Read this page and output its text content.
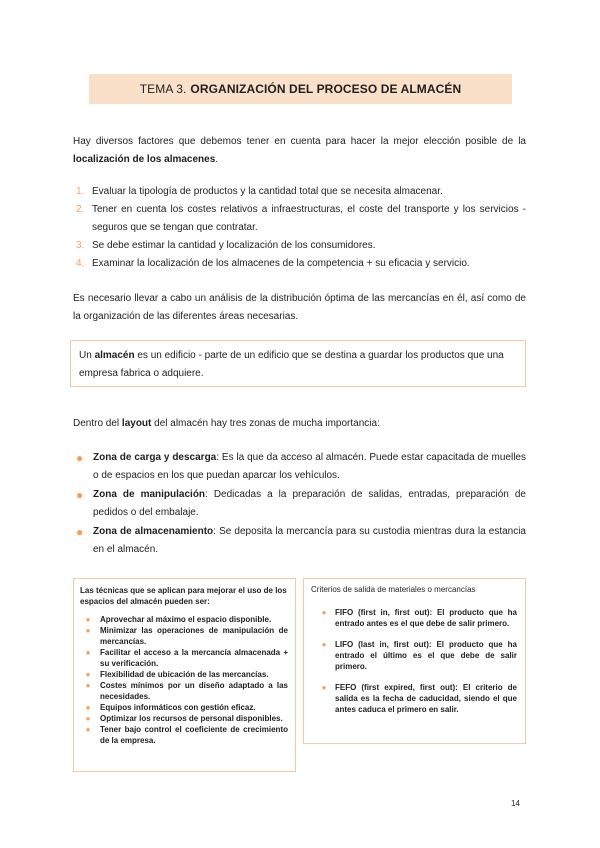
TEMA 3. ORGANIZACIÓN DEL PROCESO DE ALMACÉN
Hay diversos factores que debemos tener en cuenta para hacer la mejor elección posible de la localización de los almacenes.
1. Evaluar la tipología de productos y la cantidad total que se necesita almacenar.
2. Tener en cuenta los costes relativos a infraestructuras, el coste del transporte y los servicios - seguros que se tengan que contratar.
3. Se debe estimar la cantidad y localización de los consumidores.
4. Examinar la localización de los almacenes de la competencia + su eficacia y servicio.
Es necesario llevar a cabo un análisis de la distribución óptima de las mercancías en él, así como de la organización de las diferentes áreas necesarias.
Un almacén es un edificio - parte de un edificio que se destina a guardar los productos que una empresa fabrica o adquiere.
Dentro del layout del almacén hay tres zonas de mucha importancia:
● Zona de carga y descarga: Es la que da acceso al almacén. Puede estar capacitada de muelles o de espacios en los que puedan aparcar los vehículos.
● Zona de manipulación: Dedicadas a la preparación de salidas, entradas, preparación de pedidos o del embalaje.
● Zona de almacenamiento: Se deposita la mercancía para su custodia mientras dura la estancia en el almacén.
Las técnicas que se aplican para mejorar el uso de los espacios del almacén pueden ser:
●	Aprovechar al máximo el espacio disponible.
●	Minimizar las operaciones de manipulación de mercancías.
●	Facilitar el acceso a la mercancía almacenada + su verificación.
●	Flexibilidad de ubicación de las mercancías.
●	Costes mínimos por un diseño adaptado a las necesidades.
●	Equipos informáticos con gestión eficaz.
●	Optimizar los recursos de personal disponibles.
●	Tener bajo control el coeficiente de crecimiento de la empresa.
Criterios de salida de materiales o mercancías
●	FIFO (first in, first out): El producto que ha entrado antes es el que debe de salir primero.
●	LIFO (last in, first out): El producto que ha entrado el último es el que debe de salir primero.
●	FEFO (first expired, first out): El criterio de salida es la fecha de caducidad, siendo el que antes caduca el primero en salir.
14
